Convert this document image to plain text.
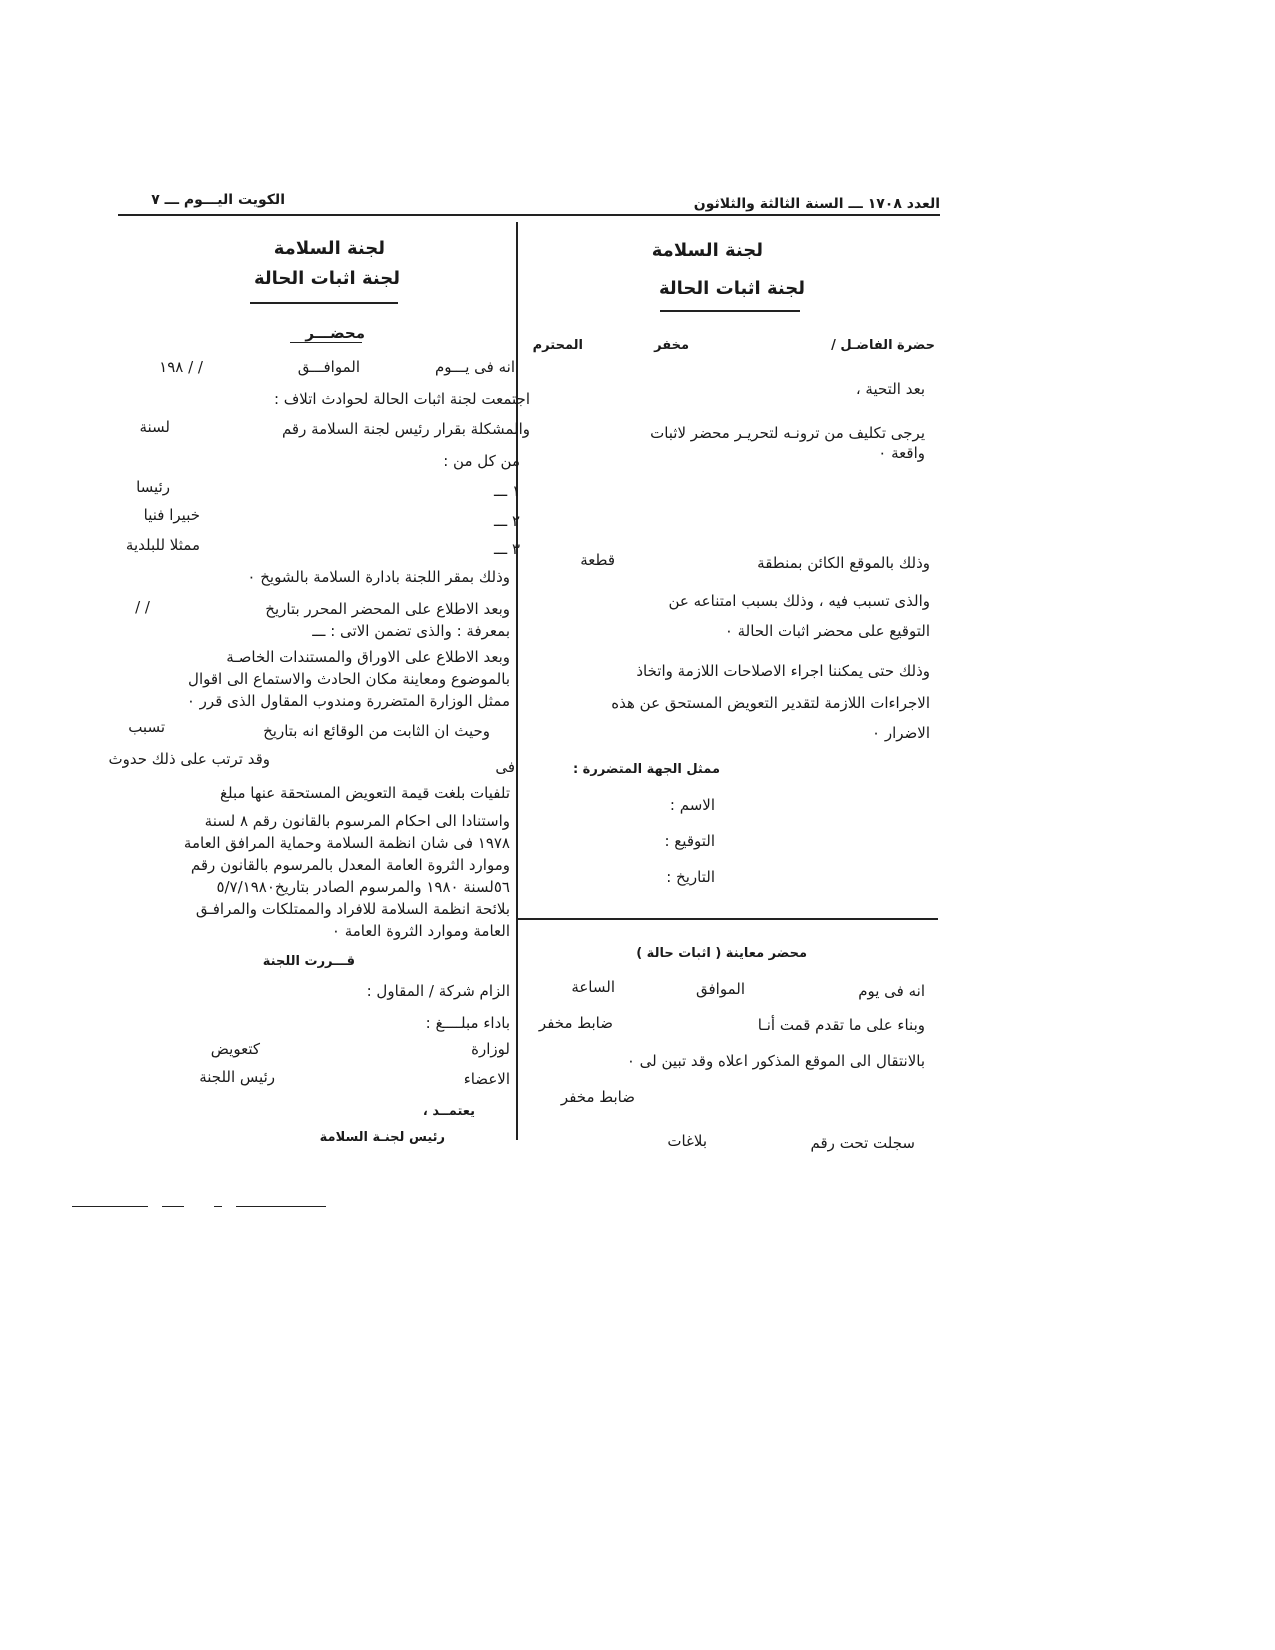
العدد ١٧٠٨ ـــ السنة الثالثة والثلاثون
الكويت اليـــوم ـــ ٧
لجنة السلامة
لجنة اثبات الحالة
حضرة الفاضـل /
مخفر
المحترم
بعد التحية ،
يرجى تكليف من ترونـه لتحريـر محضر لاثبات
واقعة ٠
وذلك بالموقع الكائن بمنطقة
قطعة
والذى تسبب فيه ، وذلك بسبب امتناعه عن
التوقيع على محضر اثبات الحالة ٠
وذلك حتى يمكننا اجراء الاصلاحات اللازمة واتخاذ
الاجراءات اللازمة لتقدير التعويض المستحق عن هذه
الاضرار ٠
ممثل الجهة المتضررة :
الاسم :
التوقيع :
التاريخ :
محضر معاينة ( اثبات حالة )
انه فى يوم
الموافق
الساعة
وبناء على ما تقدم قمت أنـا
ضابط مخفر
بالانتقال الى الموقع المذكور اعلاه وقد تبين لى ٠
ضابط مخفر
سجلت تحت رقم
بلاغات
لجنة السلامة
لجنة اثبات الحالة
محضـــر
انه فى يـــوم
الموافـــق
/ / ١٩٨
اجتمعت لجنة اثبات الحالة لحوادث اتلاف :
والمشكلة بقرار رئيس لجنة السلامة رقم
لسنة
من كل من :
١ ـــ
رئيسا
٢ ـــ
خبيرا فنيا
٣ ـــ
ممثلا للبلدية
وذلك بمقر اللجنة بادارة السلامة بالشويخ ٠
وبعد الاطلاع على المحضر المحرر بتاريخ
/ /
بمعرفة : والذى تضمن الاتى : ـــ
وبعد الاطلاع على الاوراق والمستندات الخاصـة
بالموضوع ومعاينة مكان الحادث والاستماع الى اقوال
ممثل الوزارة المتضررة ومندوب المقاول الذى قرر ٠
وحيث ان الثابت من الوقائع انه بتاريخ
تسبب
فى
وقد ترتب على ذلك حدوث
تلفيات بلغت قيمة التعويض المستحقة عنها مبلغ
واستنادا الى احكام المرسوم بالقانون رقم ٨ لسنة
١٩٧٨ فى شان انظمة السلامة وحماية المرافق العامة
وموارد الثروة العامة المعدل بالمرسوم بالقانون رقم
٥٦لسنة ١٩٨٠ والمرسوم الصادر بتاريخ٥/٧/١٩٨٠
بلائحة انظمة السلامة للافراد والممتلكات والمرافـق
العامة وموارد الثروة العامة ٠
قـــررت اللجنة
الزام شركة / المقاول :
باداء مبلــــغ :
لوزارة
كتعويض
الاعضاء
رئيس اللجنة
يعتمــد ،
رئيس لجنـة السلامة
